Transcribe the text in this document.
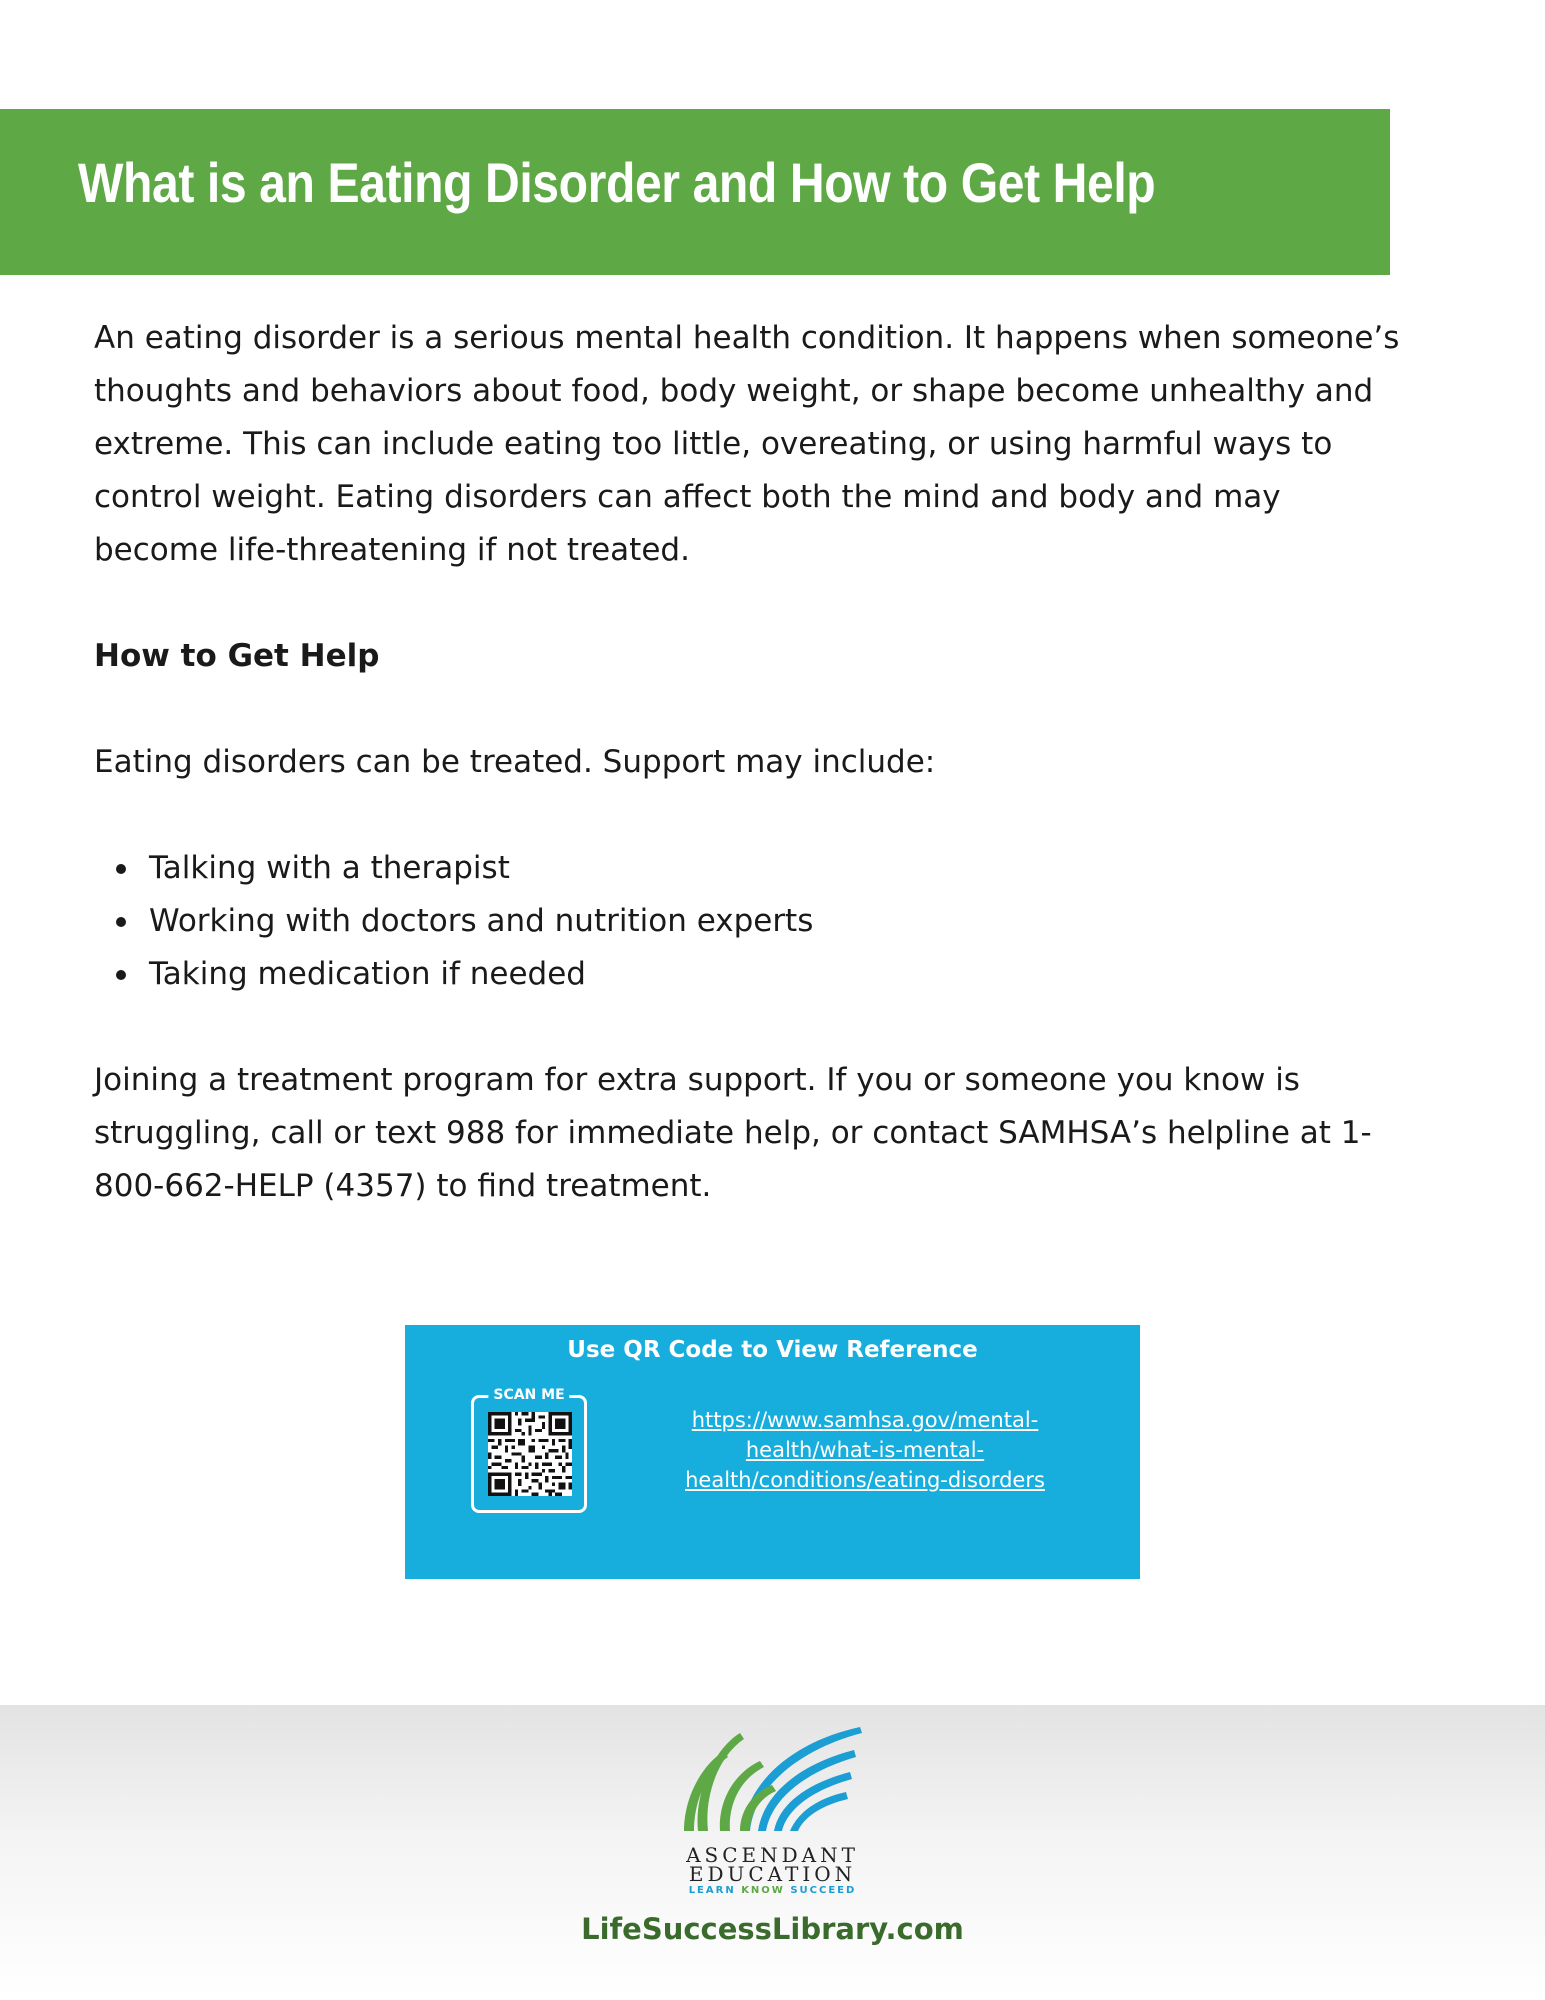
What is an Eating Disorder and How to Get Help

An eating disorder is a serious mental health condition. It happens when someone’s thoughts and behaviors about food, body weight, or shape become unhealthy and extreme. This can include eating too little, overeating, or using harmful ways to control weight. Eating disorders can affect both the mind and body and may become life-threatening if not treated.

How to Get Help

Eating disorders can be treated. Support may include:

Talking with a therapist
Working with doctors and nutrition experts
Taking medication if needed

Joining a treatment program for extra support. If you or someone you know is struggling, call or text 988 for immediate help, or contact SAMHSA’s helpline at 1-800-662-HELP (4357) to find treatment.

Use QR Code to View Reference
SCAN ME
https://www.samhsa.gov/mental-health/what-is-mental-health/conditions/eating-disorders
ASCENDANT
EDUCATION
LEARN KNOW SUCCEED
LifeSuccessLibrary.com
